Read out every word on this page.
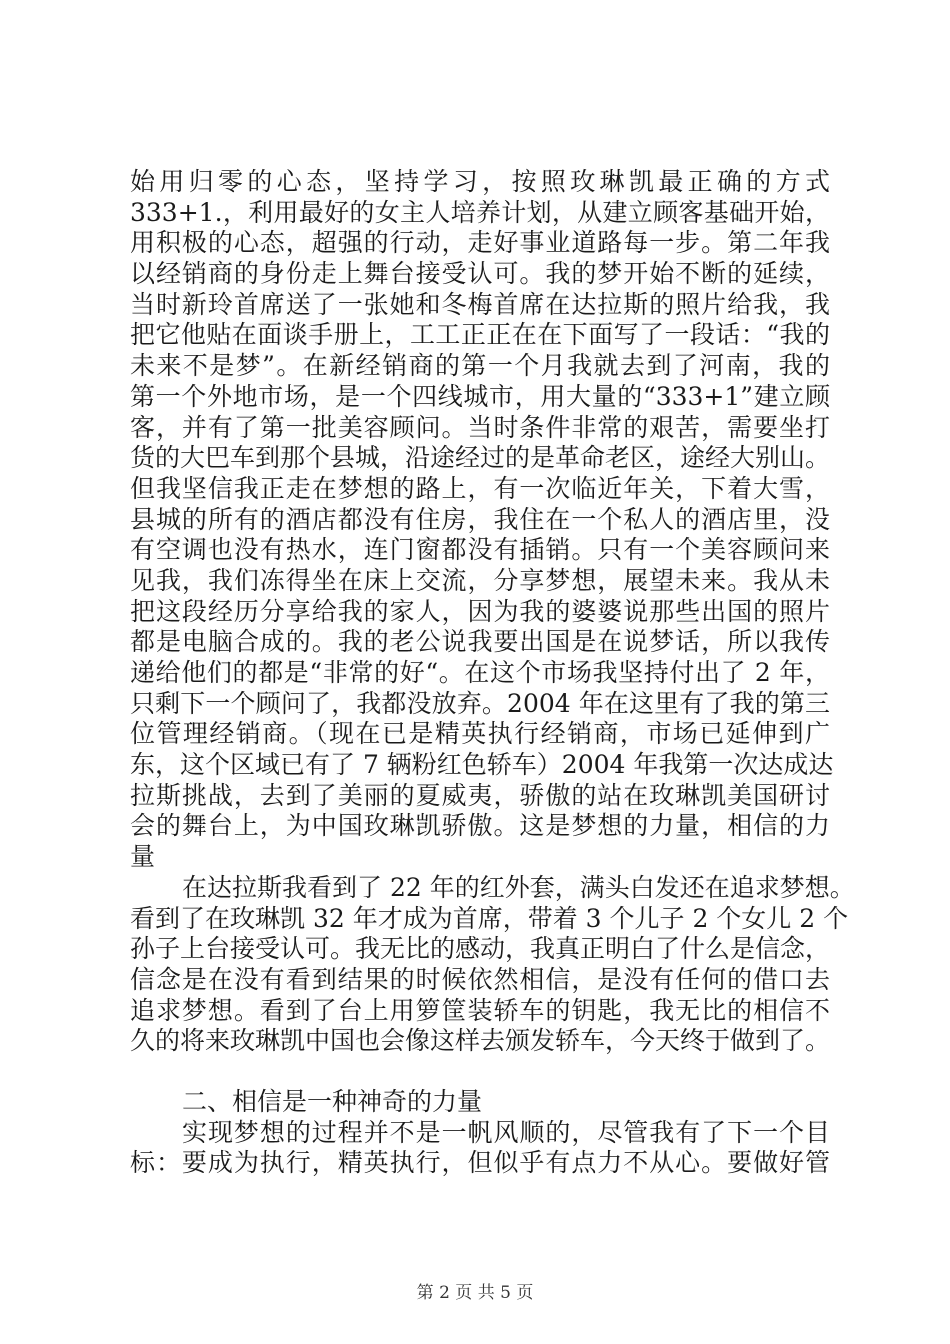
始用归零的心态，坚持学习，按照玫琳凯最正确的方式
333+1.，利用最好的女主人培养计划，从建立顾客基础开始，
用积极的心态，超强的行动，走好事业道路每一步。第二年我
以经销商的身份走上舞台接受认可。我的梦开始不断的延续，
当时新玲首席送了一张她和冬梅首席在达拉斯的照片给我，我
把它他贴在面谈手册上，工工正正在在下面写了一段话：“我的
未来不是梦”。在新经销商的第一个月我就去到了河南，我的
第一个外地市场，是一个四线城市，用大量的“333+1”建立顾
客，并有了第一批美容顾问。当时条件非常的艰苦，需要坐打
货的大巴车到那个县城，沿途经过的是革命老区，途经大别山。
但我坚信我正走在梦想的路上，有一次临近年关，下着大雪，
县城的所有的酒店都没有住房，我住在一个私人的酒店里，没
有空调也没有热水，连门窗都没有插销。只有一个美容顾问来
见我，我们冻得坐在床上交流，分享梦想，展望未来。我从未
把这段经历分享给我的家人，因为我的婆婆说那些出国的照片
都是电脑合成的。我的老公说我要出国是在说梦话，所以我传
递给他们的都是“非常的好“。在这个市场我坚持付出了 2 年，
只剩下一个顾问了，我都没放弃。2004 年在这里有了我的第三
位管理经销商。（现在已是精英执行经销商，市场已延伸到广
东，这个区域已有了 7 辆粉红色轿车）2004 年我第一次达成达
拉斯挑战，去到了美丽的夏威夷，骄傲的站在玫琳凯美国研讨
会的舞台上，为中国玫琳凯骄傲。这是梦想的力量，相信的力
量
在达拉斯我看到了 22 年的红外套，满头白发还在追求梦想。
看到了在玫琳凯 32 年才成为首席，带着 3 个儿子 2 个女儿 2 个
孙子上台接受认可。我无比的感动，我真正明白了什么是信念，
信念是在没有看到结果的时候依然相信，是没有任何的借口去
追求梦想。看到了台上用箩筐装轿车的钥匙，我无比的相信不
久的将来玫琳凯中国也会像这样去颁发轿车，今天终于做到了。
二、相信是一种神奇的力量
实现梦想的过程并不是一帆风顺的，尽管我有了下一个目
标：要成为执行，精英执行，但似乎有点力不从心。要做好管
第 2 页 共 5 页
